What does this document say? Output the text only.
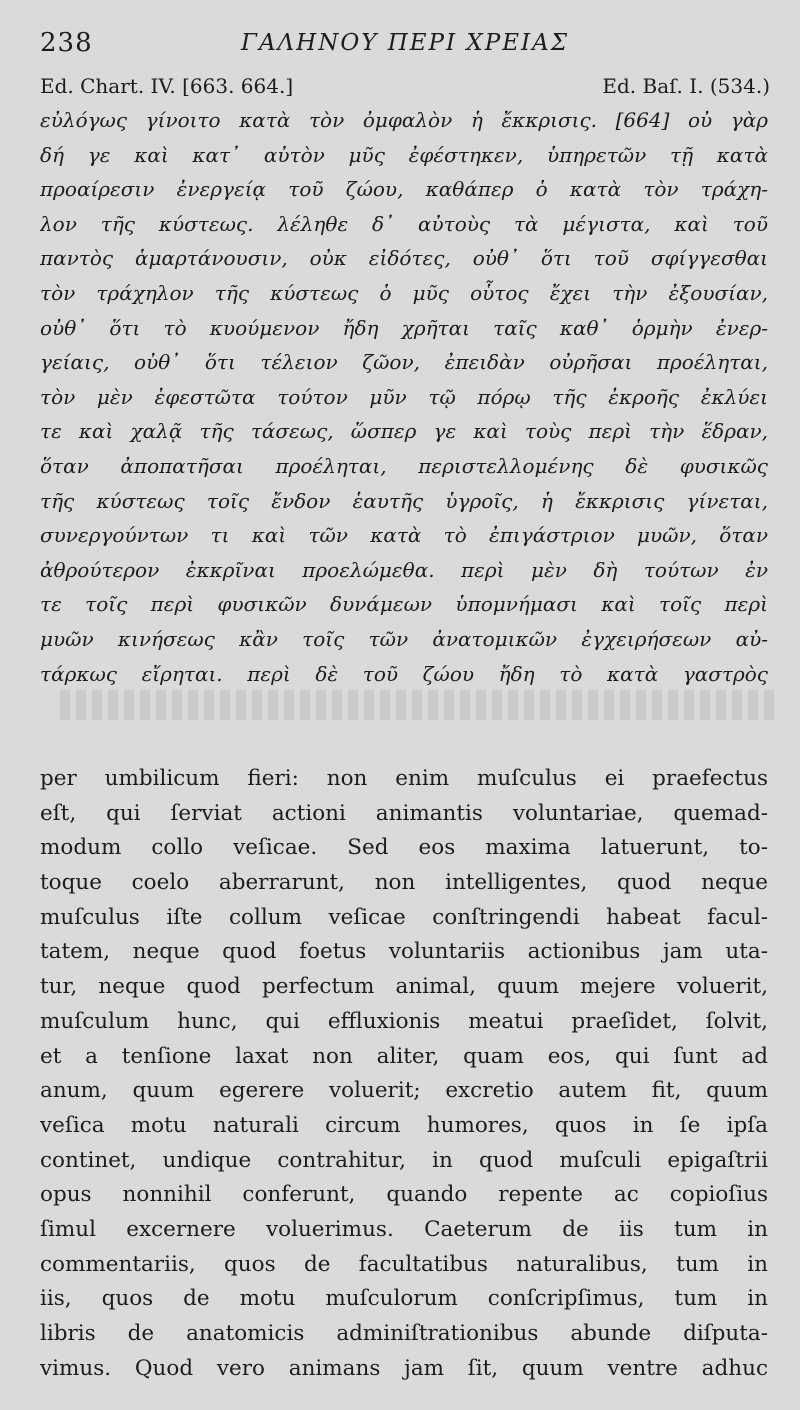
238	ΓΑΛΗΝΟΥ ΠΕΡΙ ΧΡΕΙΑΣ
Ed. Chart. IV. [663. 664.]	Ed. Baſ. I. (534.)
εὐλόγως γίνοιτο κατὰ τὸν ὀμφαλὸν ἡ ἔκκρισις. [664] οὐ γὰρ
δή γε καὶ κατ᾽ αὐτὸν μῦς ἐφέστηκεν, ὑπηρετῶν τῇ κατὰ
προαίρεσιν ἐνεργείᾳ τοῦ ζώου, καθάπερ ὁ κατὰ τὸν τράχη-
λον τῆς κύστεως. λέληθε δ᾽ αὐτοὺς τὰ μέγιστα, καὶ τοῦ
παντὸς ἁμαρτάνουσιν, οὐκ εἰδότες, οὐθ᾽ ὅτι τοῦ σφίγγεσθαι
τὸν τράχηλον τῆς κύστεως ὁ μῦς οὗτος ἔχει τὴν ἐξουσίαν,
οὐθ᾽ ὅτι τὸ κυούμενον ἤδη χρῆται ταῖς καθ᾽ ὁρμὴν ἐνερ-
γείαις, οὐθ᾽ ὅτι τέλειον ζῶον, ἐπειδὰν οὐρῆσαι προέληται,
τὸν μὲν ἐφεστῶτα τούτον μῦν τῷ πόρῳ τῆς ἐκροῆς ἐκλύει
τε καὶ χαλᾷ τῆς τάσεως, ὥσπερ γε καὶ τοὺς περὶ τὴν ἕδραν,
ὅταν ἀποπατῆσαι προέληται, περιστελλομένης δὲ φυσικῶς
τῆς κύστεως τοῖς ἔνδον ἑαυτῆς ὑγροῖς, ἡ ἔκκρισις γίνεται,
συνεργούντων τι καὶ τῶν κατὰ τὸ ἐπιγάστριον μυῶν, ὅταν
ἀθρούτερον ἐκκρῖναι προελώμεθα. περὶ μὲν δὴ τούτων ἐν
τε τοῖς περὶ φυσικῶν δυνάμεων ὑπομνήμασι καὶ τοῖς περὶ
μυῶν κινήσεως κἂν τοῖς τῶν ἀνατομικῶν ἐγχειρήσεων αὐ-
τάρκως εἴρηται. περὶ δὲ τοῦ ζώου ἤδη τὸ κατὰ γαστρὸς
per umbilicum fieri: non enim muſculus ei praefectus
eſt, qui ſerviat actioni animantis voluntariae, quemad-
modum collo veſicae. Sed eos maxima latuerunt, to-
toque coelo aberrarunt, non intelligentes, quod neque
muſculus iſte collum veſicae conſtringendi habeat facul-
tatem, neque quod foetus voluntariis actionibus jam uta-
tur, neque quod perfectum animal, quum mejere voluerit,
muſculum hunc, qui effluxionis meatui praeſidet, ſolvit,
et a tenſione laxat non aliter, quam eos, qui ſunt ad
anum, quum egerere voluerit; excretio autem fit, quum
veſica motu naturali circum humores, quos in ſe ipſa
continet, undique contrahitur, in quod muſculi epigaſtrii
opus nonnihil conferunt, quando repente ac copioſius
ſimul excernere voluerimus. Caeterum de iis tum in
commentariis, quos de facultatibus naturalibus, tum in
iis, quos de motu muſculorum conſcripſimus, tum in
libris de anatomicis adminiſtrationibus abunde diſputa-
vimus. Quod vero animans jam ſit, quum ventre adhuc
